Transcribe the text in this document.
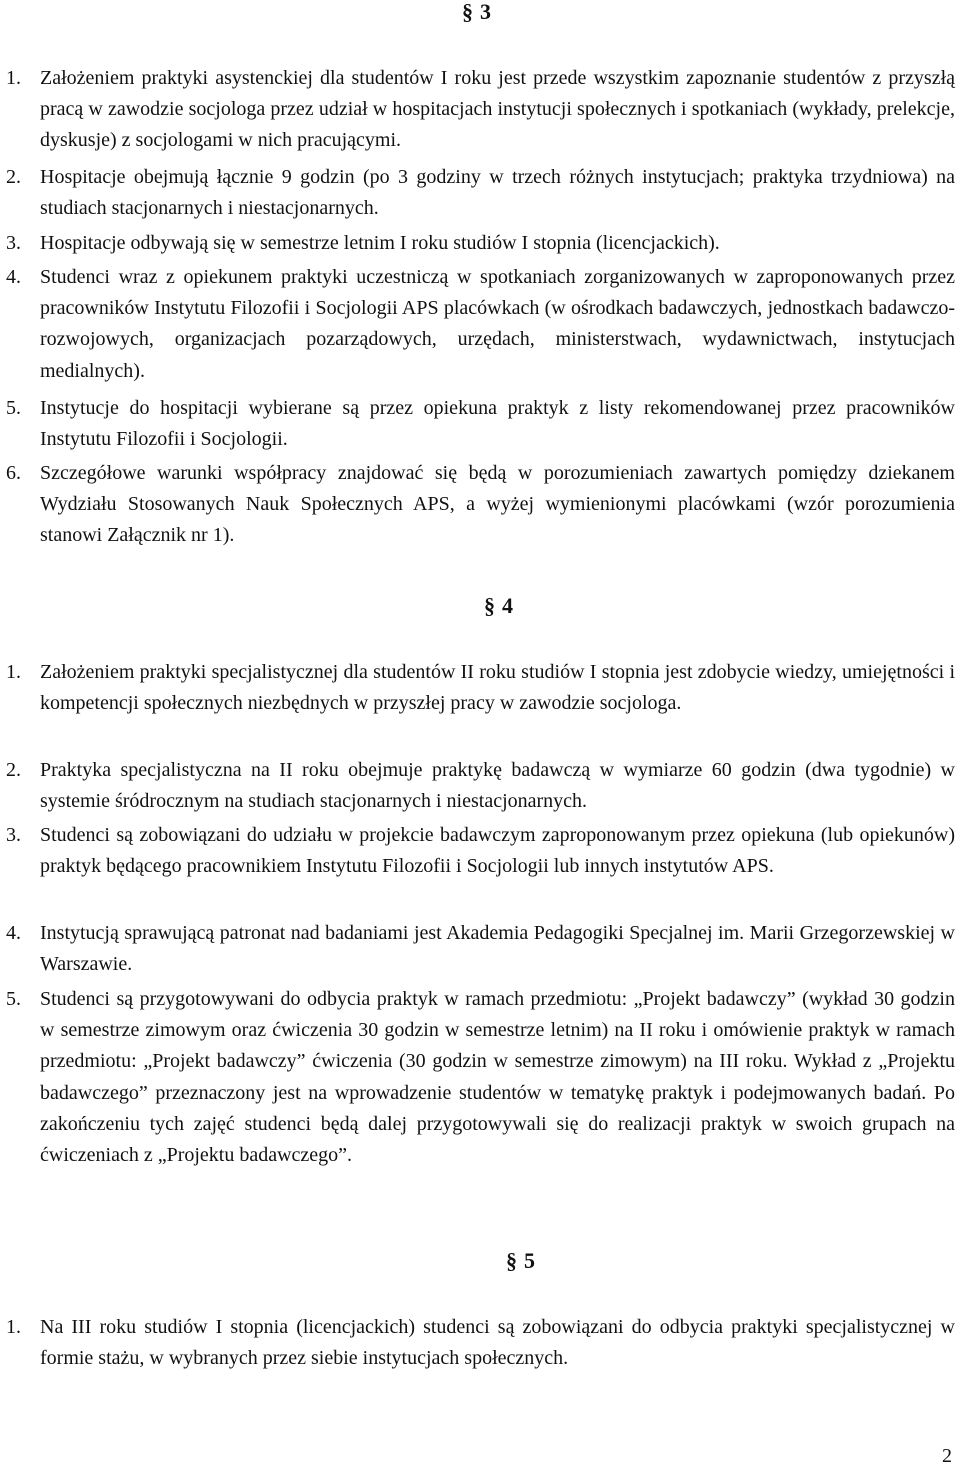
§ 3
1. Założeniem praktyki asystenckiej dla studentów I roku jest przede wszystkim zapoznanie studentów z przyszłą pracą w zawodzie socjologa przez udział w hospitacjach instytucji społecznych i spotkaniach (wykłady, prelekcje, dyskusje) z socjologami w nich pracującymi.
2. Hospitacje obejmują łącznie 9 godzin (po 3 godziny w trzech różnych instytucjach; praktyka trzydniowa) na studiach stacjonarnych i niestacjonarnych.
3. Hospitacje odbywają się w semestrze letnim I roku studiów I stopnia (licencjackich).
4. Studenci wraz z opiekunem praktyki uczestniczą w spotkaniach zorganizowanych w zaproponowanych przez pracowników Instytutu Filozofii i Socjologii APS placówkach (w ośrodkach badawczych, jednostkach badawczo-rozwojowych, organizacjach pozarządowych, urzędach, ministerstwach, wydawnictwach, instytucjach medialnych).
5. Instytucje do hospitacji wybierane są przez opiekuna praktyk z listy rekomendowanej przez pracowników Instytutu Filozofii i Socjologii.
6. Szczegółowe warunki współpracy znajdować się będą w porozumieniach zawartych pomiędzy dziekanem Wydziału Stosowanych Nauk Społecznych APS, a wyżej wymienionymi placówkami (wzór porozumienia stanowi Załącznik nr 1).
§ 4
1. Założeniem praktyki specjalistycznej dla studentów II roku studiów I stopnia jest zdobycie wiedzy, umiejętności i kompetencji społecznych niezbędnych w przyszłej pracy w zawodzie socjologa.
2. Praktyka specjalistyczna na II roku obejmuje praktykę badawczą w wymiarze 60 godzin (dwa tygodnie) w systemie śródrocznym na studiach stacjonarnych i niestacjonarnych.
3. Studenci są zobowiązani do udziału w projekcie badawczym zaproponowanym przez opiekuna (lub opiekunów) praktyk będącego pracownikiem Instytutu Filozofii i Socjologii lub innych instytutów APS.
4. Instytucją sprawującą patronat nad badaniami jest Akademia Pedagogiki Specjalnej im. Marii Grzegorzewskiej w Warszawie.
5. Studenci są przygotowywani do odbycia praktyk w ramach przedmiotu: „Projekt badawczy” (wykład 30 godzin w semestrze zimowym oraz ćwiczenia 30 godzin w semestrze letnim) na II roku i omówienie praktyk w ramach przedmiotu: „Projekt badawczy” ćwiczenia (30 godzin w semestrze zimowym) na III roku. Wykład z „Projektu badawczego” przeznaczony jest na wprowadzenie studentów w tematykę praktyk i podejmowanych badań. Po zakończeniu tych zajęć studenci będą dalej przygotowywali się do realizacji praktyk w swoich grupach na ćwiczeniach z „Projektu badawczego”.
§ 5
1. Na III roku studiów I stopnia (licencjackich) studenci są zobowiązani do odbycia praktyki specjalistycznej w formie stażu, w wybranych przez siebie instytucjach społecznych.
2
